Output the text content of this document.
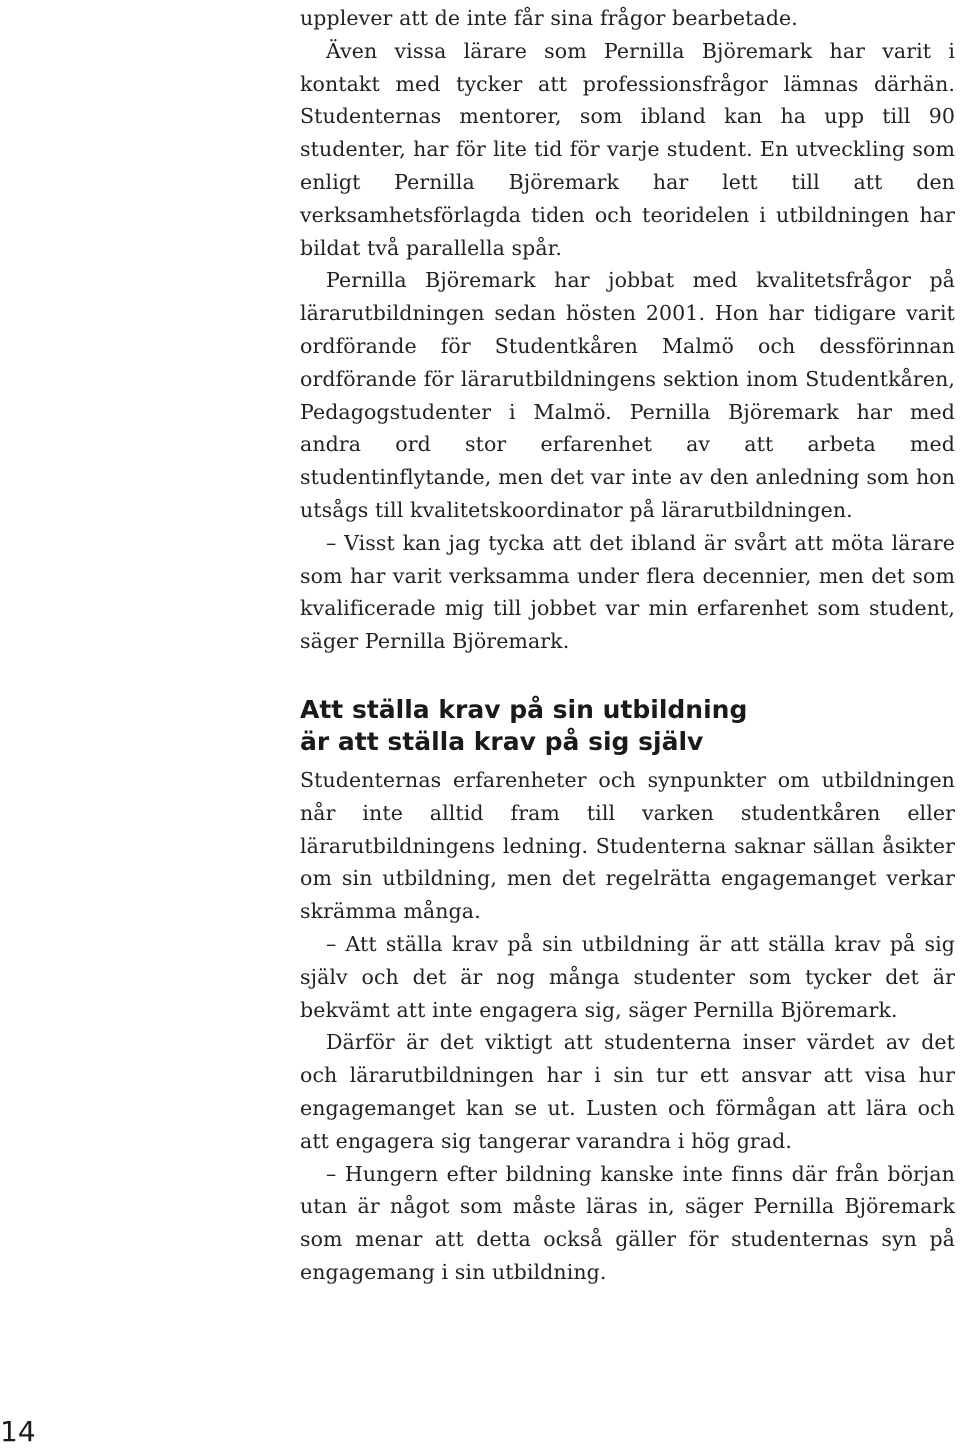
upplever att de inte får sina frågor bearbetade.

Även vissa lärare som Pernilla Björemark har varit i kontakt med tycker att professionsfrågor lämnas därhän. Studenternas mentorer, som ibland kan ha upp till 90 studenter, har för lite tid för varje student. En utveckling som enligt Pernilla Björemark har lett till att den verksamhetsförlagda tiden och teoridelen i utbildningen har bildat två parallella spår.

Pernilla Björemark har jobbat med kvalitetsfrågor på lärarutbildningen sedan hösten 2001. Hon har tidigare varit ordförande för Studentkåren Malmö och dessförinnan ordförande för lärarutbildningens sektion inom Studentkåren, Pedagogstudenter i Malmö. Pernilla Björemark har med andra ord stor erfarenhet av att arbeta med studentinflytande, men det var inte av den anledning som hon utsågs till kvalitetskoordinator på lärarutbildningen.

– Visst kan jag tycka att det ibland är svårt att möta lärare som har varit verksamma under flera decennier, men det som kvalificerade mig till jobbet var min erfarenhet som student, säger Pernilla Björemark.

Att ställa krav på sin utbildning
är att ställa krav på sig själv

Studenternas erfarenheter och synpunkter om utbildningen når inte alltid fram till varken studentkåren eller lärarutbildningens ledning. Studenterna saknar sällan åsikter om sin utbildning, men det regelrätta engagemanget verkar skrämma många.

– Att ställa krav på sin utbildning är att ställa krav på sig själv och det är nog många studenter som tycker det är bekvämt att inte engagera sig, säger Pernilla Björemark.

Därför är det viktigt att studenterna inser värdet av det och lärarutbildningen har i sin tur ett ansvar att visa hur engagemanget kan se ut. Lusten och förmågan att lära och att engagera sig tangerar varandra i hög grad.

– Hungern efter bildning kanske inte finns där från början utan är något som måste läras in, säger Pernilla Björemark som menar att detta också gäller för studenternas syn på engagemang i sin utbildning.

14
